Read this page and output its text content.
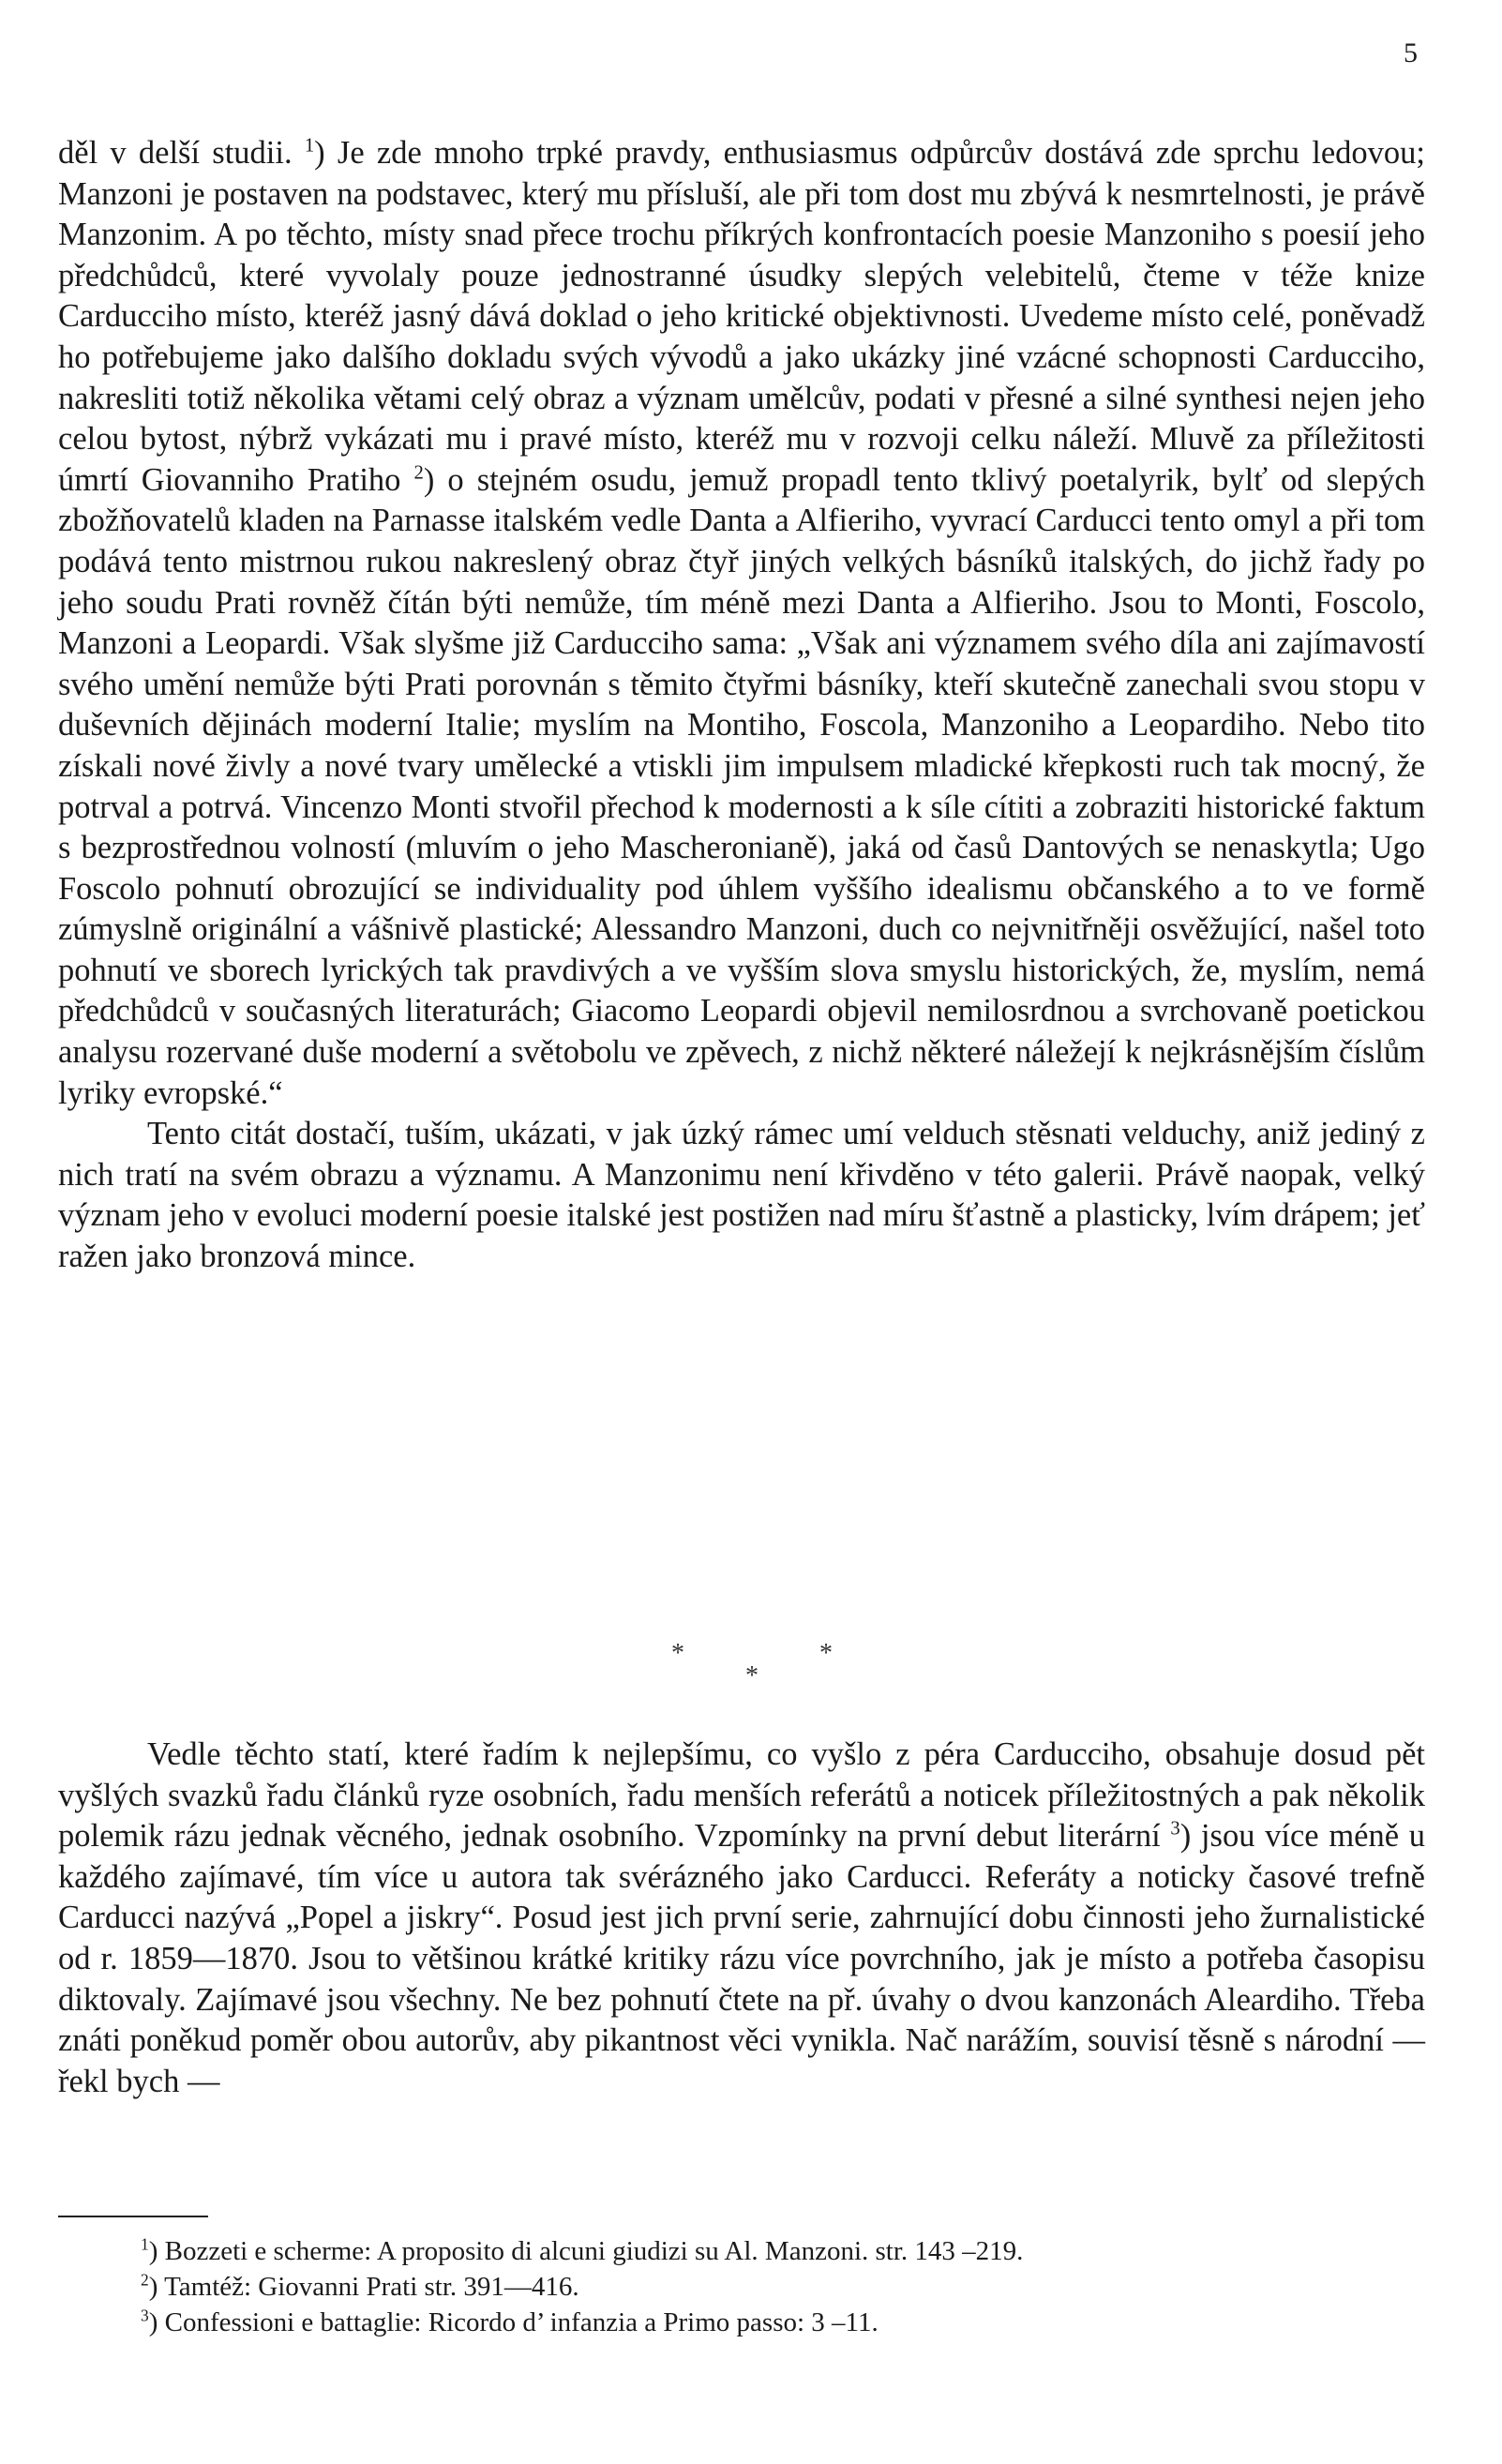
5

děl v delší studii. $^1$) Je zde mnoho trpké pravdy, enthusiasmus odpůrcův dostává zde sprchu ledovou; Manzoni je postaven na podstavec, který mu přísluší, ale při tom dost mu zbývá k nesmrtelnosti, je právě Manzonim. A po těchto, místy snad přece trochu příkrých konfrontacích poesie Manzoniho s poesií jeho předchůdců, které vyvolaly pouze jednostranné úsudky slepých velebitelů, čteme v téže knize Carducciho místo, kteréž jasný dává doklad o jeho kritické objektivnosti. Uvedeme místo celé, poněvadž ho potřebujeme jako dalšího dokladu svých vývodů a jako ukázky jiné vzácné schopnosti Carducciho, nakresliti totiž několika větami celý obraz a význam umělcův, podati v přesné a silné synthesi nejen jeho celou bytost, nýbrž vykázati mu i pravé místo, kteréž mu v rozvoji celku náleží. Mluvě za příležitosti úmrtí Giovanniho Pratiho $^2$) o stejném osudu, jemuž propadl tento tklivý poetalyrik, bylť od slepých zbožňovatelů kladen na Parnasse italském vedle Danta a Alfieriho, vyvrací Carducci tento omyl a při tom podává tento mistrnou rukou nakreslený obraz čtyř jiných velkých básníků italských, do jichž řady po jeho soudu Prati rovněž čítán býti nemůže, tím méně mezi Danta a Alfieriho. Jsou to Monti, Foscolo, Manzoni a Leopardi. Však slyšme již Carducciho sama: „Však ani významem svého díla ani zajímavostí svého umění nemůže býti Prati porovnán s těmito čtyřmi básníky, kteří skutečně zanechali svou stopu v duševních dějinách moderní Italie; myslím na Montiho, Foscola, Manzoniho a Leopardiho. Nebo tito získali nové živly a nové tvary umělecké a vtiskli jim impulsem mladické křepkosti ruch tak mocný, že potrval a potrvá. Vincenzo Monti stvořil přechod k modernosti a k síle cítiti a zobraziti historické faktum s bezprostřednou volností (mluvím o jeho Mascheronianě), jaká od časů Dantových se nenaskytla; Ugo Foscolo pohnutí obrozující se individuality pod úhlem vyššího idealismu občanského a to ve formě zúmyslně originální a vášnivě plastické; Alessandro Manzoni, duch co nejvnitřněji osvěžující, našel toto pohnutí ve sborech lyrických tak pravdivých a ve vyšším slova smyslu historických, že, myslím, nemá předchůdců v současných literaturách; Giacomo Leopardi objevil nemilosrdnou a svrchovaně poetickou analysu rozervané duše moderní a světobolu ve zpěvech, z nichž některé náležejí k nejkrásnějším číslům lyriky evropské.“

Tento citát dostačí, tuším, ukázati, v jak úzký rámec umí velduch stěsnati velduchy, aniž jediný z nich tratí na svém obrazu a významu. A Manzonimu není křivděno v této galerii. Právě naopak, velký význam jeho v evoluci moderní poesie italské jest postižen nad míru šťastně a plasticky, lvím drápem; jeť ražen jako bronzová mince.

*	*
*

Vedle těchto statí, které řadím k nejlepšímu, co vyšlo z péra Carducciho, obsahuje dosud pět vyšlých svazků řadu článků ryze osobních, řadu menších referátů a noticek příležitostných a pak několik polemik rázu jednak věcného, jednak osobního. Vzpomínky na první debut literární $^3$) jsou více méně u každého zajímavé, tím více u autora tak svérázného jako Carducci. Referáty a noticky časové trefně Carducci nazývá „Popel a jiskry“. Posud jest jich první serie, zahrnující dobu činnosti jeho žurnalistické od r. 1859—1870. Jsou to většinou krátké kritiky rázu více povrchního, jak je místo a potřeba časopisu diktovaly. Zajímavé jsou všechny. Ne bez pohnutí čtete na př. úvahy o dvou kanzonách Aleardiho. Třeba znáti poněkud poměr obou autorův, aby pikantnost věci vynikla. Nač narážím, souvisí těsně s národní — řekl bych —

$^1$) Bozzeti e scherme: A proposito di alcuni giudizi su Al. Manzoni. str. 143 –219.

$^2$) Tamtéž: Giovanni Prati str. 391—416.

$^3$) Confessioni e battaglie: Ricordo d’ infanzia a Primo passo: 3 –11.
